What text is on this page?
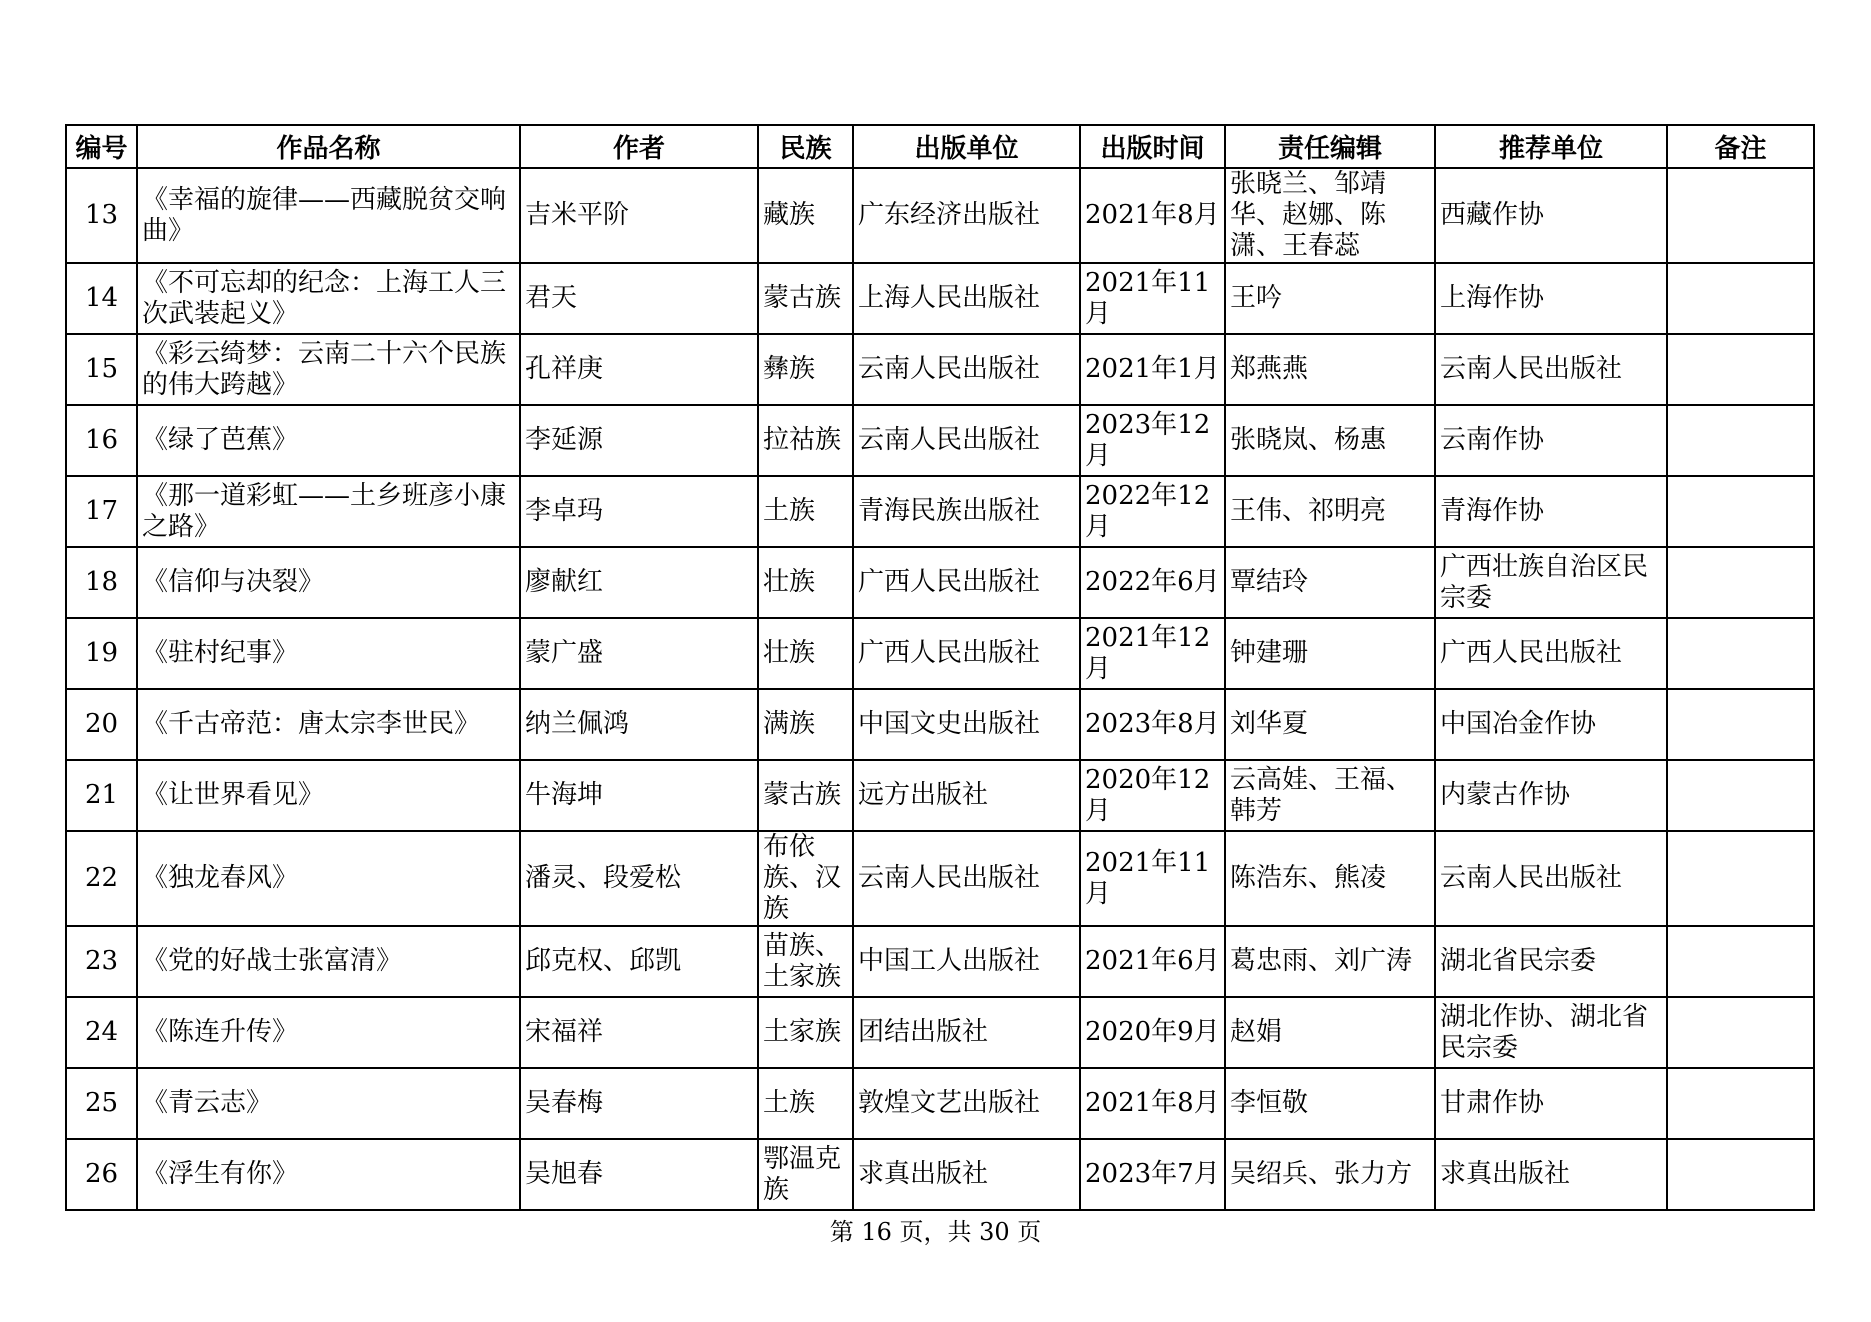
编号	作品名称	作者	民族	出版单位	出版时间	责任编辑	推荐单位	备注
13	《幸福的旋律——西藏脱贫交响曲》	吉米平阶	藏族	广东经济出版社	2021年8月	张晓兰、邹靖华、赵娜、陈潇、王春蕊	西藏作协	
14	《不可忘却的纪念：上海工人三次武装起义》	君天	蒙古族	上海人民出版社	2021年11月	王吟	上海作协	
15	《彩云绮梦：云南二十六个民族的伟大跨越》	孔祥庚	彝族	云南人民出版社	2021年1月	郑燕燕	云南人民出版社	
16	《绿了芭蕉》	李延源	拉祜族	云南人民出版社	2023年12月	张晓岚、杨惠	云南作协	
17	《那一道彩虹——土乡班彦小康之路》	李卓玛	土族	青海民族出版社	2022年12月	王伟、祁明亮	青海作协	
18	《信仰与决裂》	廖献红	壮族	广西人民出版社	2022年6月	覃结玲	广西壮族自治区民宗委	
19	《驻村纪事》	蒙广盛	壮族	广西人民出版社	2021年12月	钟建珊	广西人民出版社	
20	《千古帝范：唐太宗李世民》	纳兰佩鸿	满族	中国文史出版社	2023年8月	刘华夏	中国冶金作协	
21	《让世界看见》	牛海坤	蒙古族	远方出版社	2020年12月	云高娃、王福、韩芳	内蒙古作协	
22	《独龙春风》	潘灵、段爱松	布依族、汉族	云南人民出版社	2021年11月	陈浩东、熊凌	云南人民出版社	
23	《党的好战士张富清》	邱克权、邱凯	苗族、土家族	中国工人出版社	2021年6月	葛忠雨、刘广涛	湖北省民宗委	
24	《陈连升传》	宋福祥	土家族	团结出版社	2020年9月	赵娟	湖北作协、湖北省民宗委	
25	《青云志》	吴春梅	土族	敦煌文艺出版社	2021年8月	李恒敬	甘肃作协	
26	《浮生有你》	吴旭春	鄂温克族	求真出版社	2023年7月	吴绍兵、张力方	求真出版社	
第 16 页，共 30 页
